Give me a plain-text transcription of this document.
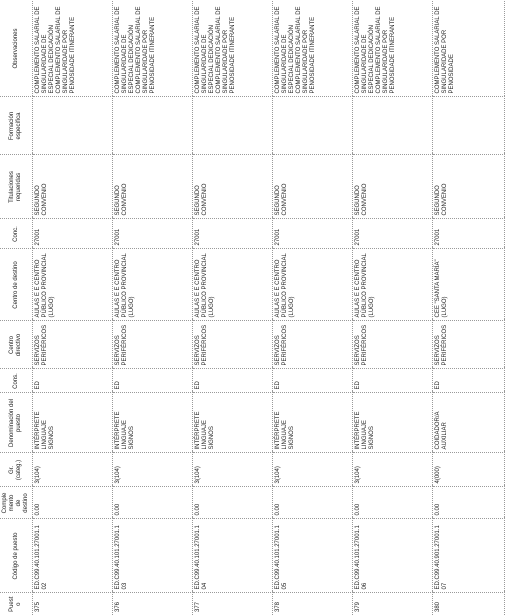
Puesto	Código de puesto	Complemento de destino	Gr. (categ.)	Denominación del puesto	Cons.	Centro directivo	Centro de destino	Conc.	Titulaciones requeridas	Formación específica	Observaciones
375	ED.C99.40.101.27001.102	0.00	3(104)	INTÉRPRETE LINGUAJE SIGNOS	ED	SERVIZOS PERIFÉRICOS	AULAS E E CENTRO PÚBLICO PROVINCIAL (LUGO)	27001	SEGUNDO CONVENIO		COMPLEMENTO SALARIAL DE SINGULARIDADE DE ESPECIAL DEDICACIÓN COMPLEMENTO SALARIAL DE SINGULARIDADE POR PENOSIDADE ITINERANTE
376	ED.C99.40.101.27001.103	0.00	3(104)	INTÉRPRETE LINGUAJE SIGNOS	ED	SERVIZOS PERIFÉRICOS	AULAS E E CENTRO PÚBLICO PROVINCIAL (LUGO)	27001	SEGUNDO CONVENIO		COMPLEMENTO SALARIAL DE SINGULARIDADE DE ESPECIAL DEDICACIÓN COMPLEMENTO SALARIAL DE SINGULARIDADE POR PENOSIDADE ITINERANTE
377	ED.C99.40.101.27001.104	0.00	3(104)	INTÉRPRETE LINGUAJE SIGNOS	ED	SERVIZOS PERIFÉRICOS	AULAS E E CENTRO PÚBLICO PROVINCIAL (LUGO)	27001	SEGUNDO CONVENIO		COMPLEMENTO SALARIAL DE SINGULARIDADE DE ESPECIAL DEDICACIÓN COMPLEMENTO SALARIAL DE SINGULARIDADE POR PENOSIDADE ITINERANTE
378	ED.C99.40.101.27001.105	0.00	3(104)	INTÉRPRETE LINGUAJE SIGNOS	ED	SERVIZOS PERIFÉRICOS	AULAS E E CENTRO PÚBLICO PROVINCIAL (LUGO)	27001	SEGUNDO CONVENIO		COMPLEMENTO SALARIAL DE SINGULARIDADE DE ESPECIAL DEDICACIÓN COMPLEMENTO SALARIAL DE SINGULARIDADE POR PENOSIDADE ITINERANTE
379	ED.C99.40.101.27001.106	0.00	3(104)	INTÉRPRETE LINGUAJE SIGNOS	ED	SERVIZOS PERIFÉRICOS	AULAS E E CENTRO PÚBLICO PROVINCIAL (LUGO)	27001	SEGUNDO CONVENIO		COMPLEMENTO SALARIAL DE SINGULARIDADE DE ESPECIAL DEDICACIÓN COMPLEMENTO SALARIAL DE SINGULARIDADE POR PENOSIDADE ITINERANTE
380	ED.C99.40.901.27001.107	0.00	4(000)	COIDADOR/A AUXILIAR	ED	SERVIZOS PERIFÉRICOS	CEE "SANTA MARÍA" (LUGO)	27001	SEGUNDO CONVENIO		COMPLEMENTO SALARIAL DE SINGULARIDADE POR PENOSIDADE
